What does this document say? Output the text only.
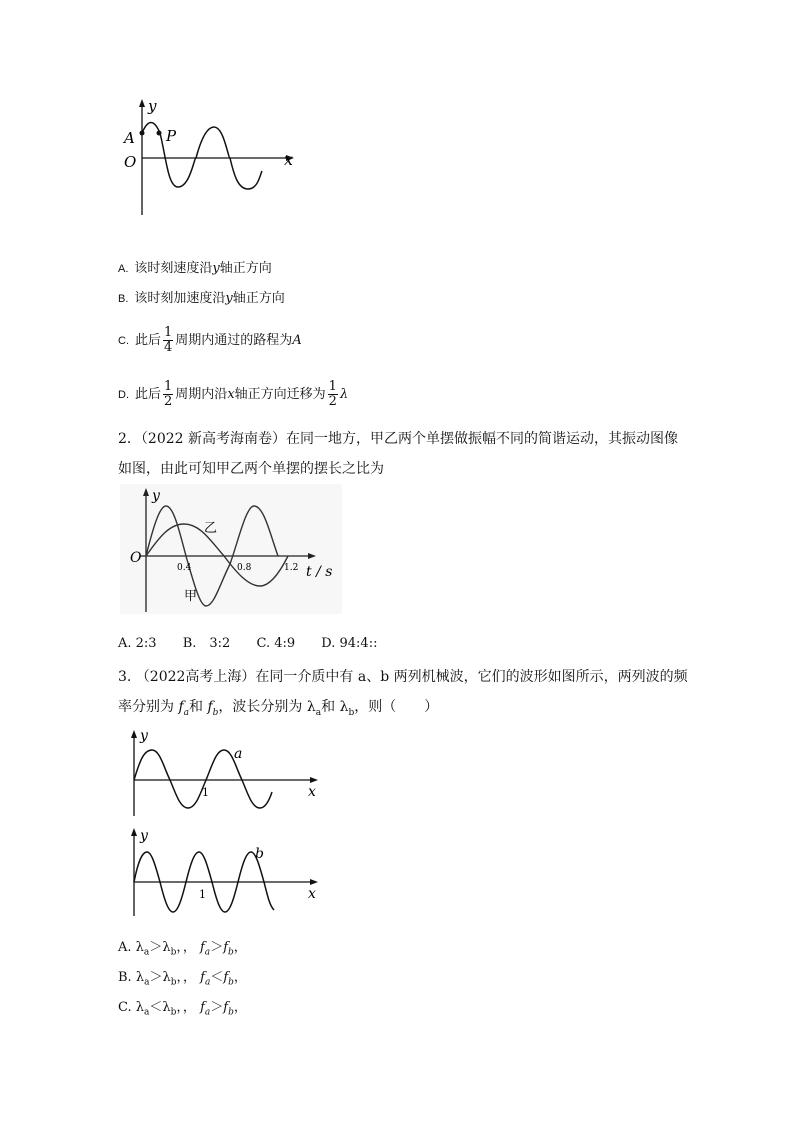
y
x
A P
O
A. 该时刻速度沿y轴正方向
B. 该时刻加速度沿y轴正方向
C. 此后 $\frac{1}{4}$ 周期内通过的路程为A
D. 此后 $\frac{1}{2}$ 周期内沿x轴正方向迁移为 $\frac{1}{2}$ λ
2．（2022 新高考海南卷）在同一地方，甲乙两个单摆做振幅不同的简谐运动，其振动图像
如图，由此可知甲乙两个单摆的摆长之比为
y
O
t / s
0.4	0.8	1.2
乙
甲
A. 2:3 B.　3:2 C. 4:9 D. 94:4::
3. （2022高考上海）在同一介质中有 a、b 两列机械波，它们的波形如图所示，两列波的频
率分别为 $f_a$和 $f_b$，波长分别为 $\lambda_a$和 $\lambda_b$，则（　　）
y
x
1
a
y
x
1
b
A. $\lambda_a>\lambda_b$，， $f_a>f_b$，
B. $\lambda_a>\lambda_b$，， $f_a<f_b$，
C. $\lambda_a<\lambda_b$，， $f_a>f_b$，
